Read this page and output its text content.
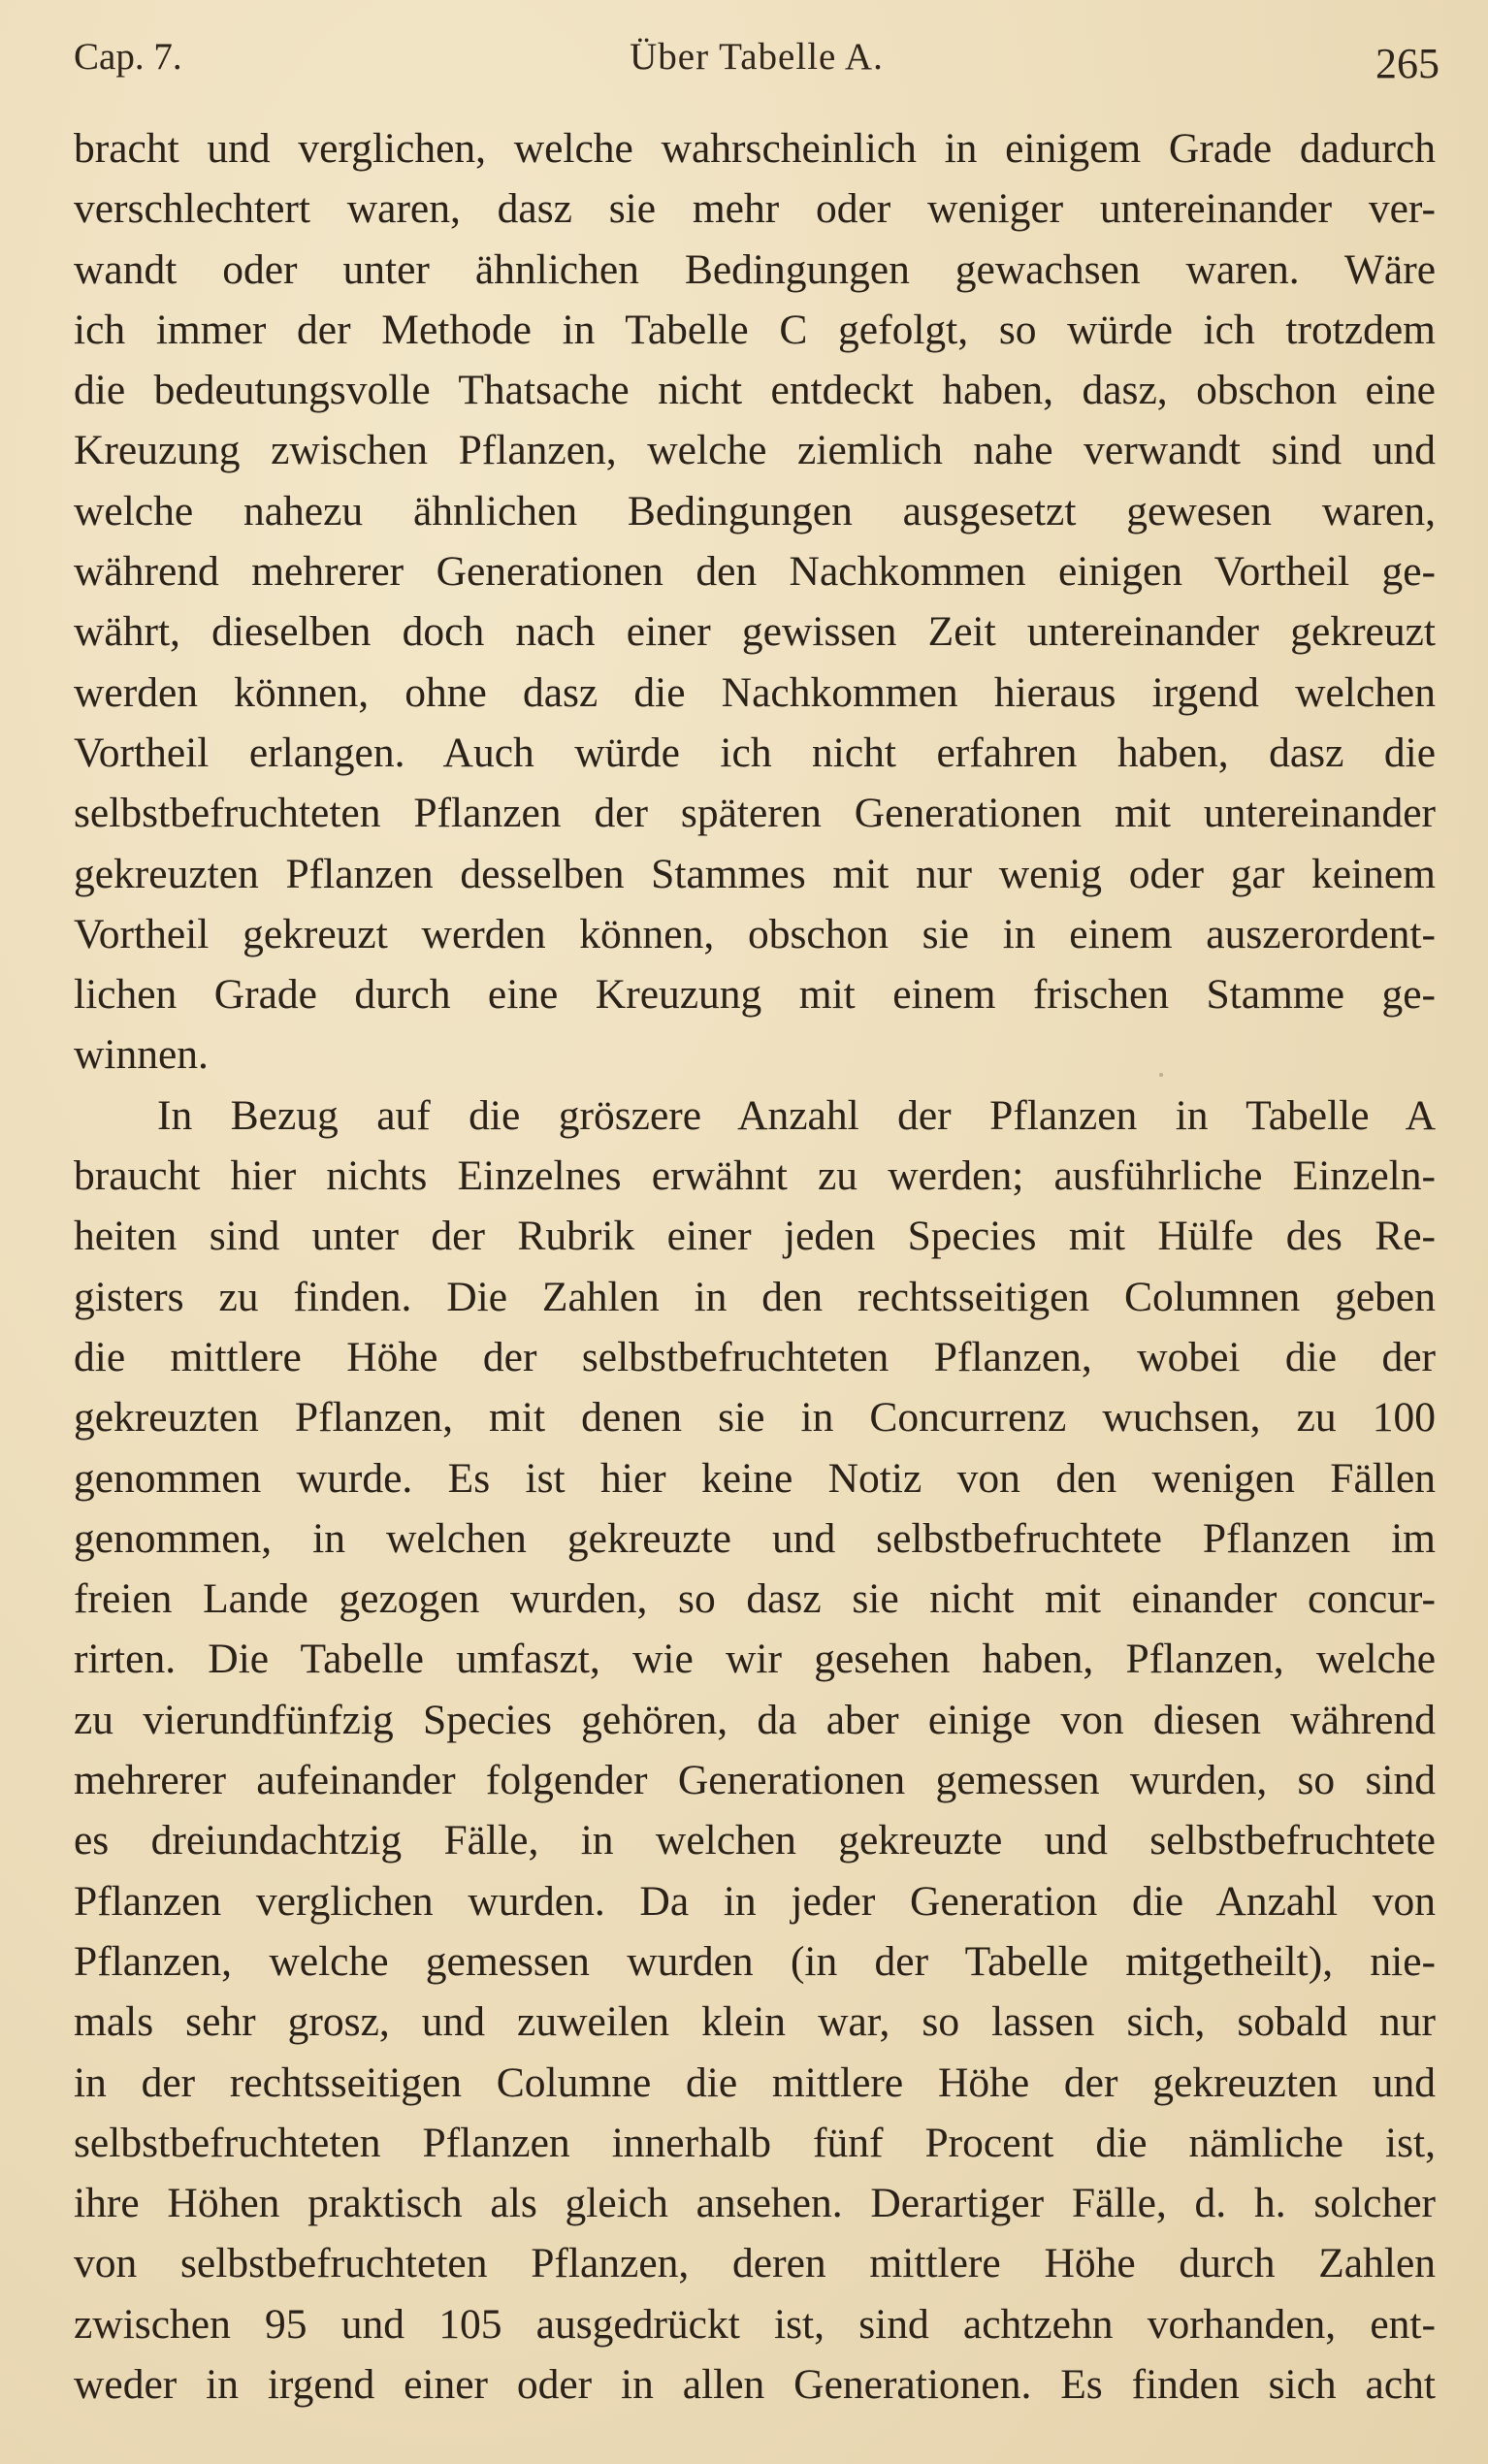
Cap. 7.	Über Tabelle A.	265
bracht und verglichen, welche wahrscheinlich in einigem Grade dadurch
verschlechtert waren, dasz sie mehr oder weniger untereinander ver-
wandt oder unter ähnlichen Bedingungen gewachsen waren. Wäre
ich immer der Methode in Tabelle C gefolgt, so würde ich trotzdem
die bedeutungsvolle Thatsache nicht entdeckt haben, dasz, obschon eine
Kreuzung zwischen Pflanzen, welche ziemlich nahe verwandt sind und
welche nahezu ähnlichen Bedingungen ausgesetzt gewesen waren,
während mehrerer Generationen den Nachkommen einigen Vortheil ge-
währt, dieselben doch nach einer gewissen Zeit untereinander gekreuzt
werden können, ohne dasz die Nachkommen hieraus irgend welchen
Vortheil erlangen. Auch würde ich nicht erfahren haben, dasz die
selbstbefruchteten Pflanzen der späteren Generationen mit untereinander
gekreuzten Pflanzen desselben Stammes mit nur wenig oder gar keinem
Vortheil gekreuzt werden können, obschon sie in einem auszerordent-
lichen Grade durch eine Kreuzung mit einem frischen Stamme ge-
winnen.
In Bezug auf die gröszere Anzahl der Pflanzen in Tabelle A
braucht hier nichts Einzelnes erwähnt zu werden; ausführliche Einzeln-
heiten sind unter der Rubrik einer jeden Species mit Hülfe des Re-
gisters zu finden. Die Zahlen in den rechtsseitigen Columnen geben
die mittlere Höhe der selbstbefruchteten Pflanzen, wobei die der
gekreuzten Pflanzen, mit denen sie in Concurrenz wuchsen, zu 100
genommen wurde. Es ist hier keine Notiz von den wenigen Fällen
genommen, in welchen gekreuzte und selbstbefruchtete Pflanzen im
freien Lande gezogen wurden, so dasz sie nicht mit einander concur-
rirten. Die Tabelle umfaszt, wie wir gesehen haben, Pflanzen, welche
zu vierundfünfzig Species gehören, da aber einige von diesen während
mehrerer aufeinander folgender Generationen gemessen wurden, so sind
es dreiundachtzig Fälle, in welchen gekreuzte und selbstbefruchtete
Pflanzen verglichen wurden. Da in jeder Generation die Anzahl von
Pflanzen, welche gemessen wurden (in der Tabelle mitgetheilt), nie-
mals sehr grosz, und zuweilen klein war, so lassen sich, sobald nur
in der rechtsseitigen Columne die mittlere Höhe der gekreuzten und
selbstbefruchteten Pflanzen innerhalb fünf Procent die nämliche ist,
ihre Höhen praktisch als gleich ansehen. Derartiger Fälle, d. h. solcher
von selbstbefruchteten Pflanzen, deren mittlere Höhe durch Zahlen
zwischen 95 und 105 ausgedrückt ist, sind achtzehn vorhanden, ent-
weder in irgend einer oder in allen Generationen. Es finden sich acht
